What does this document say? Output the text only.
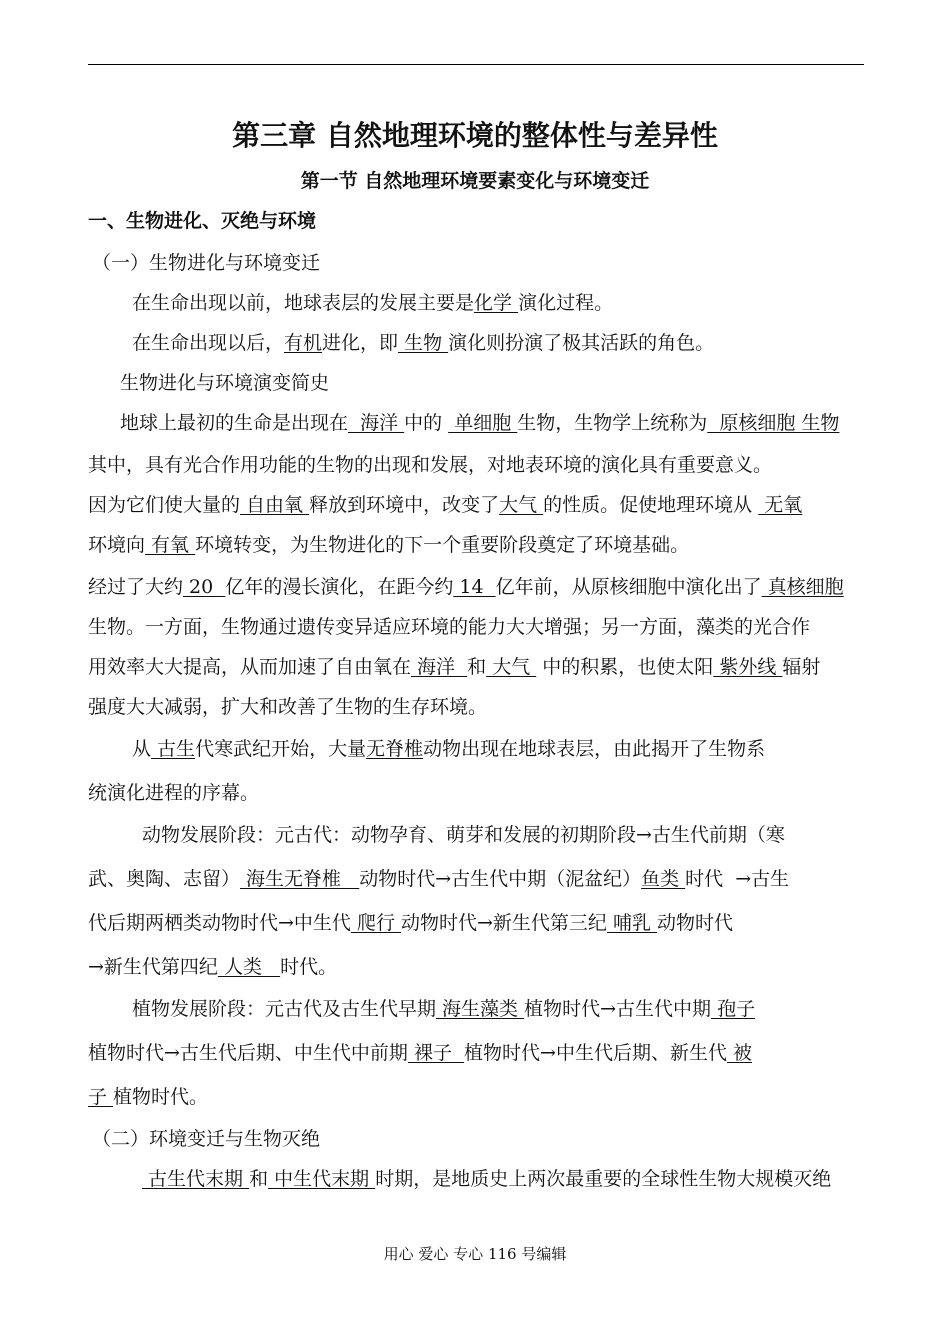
第三章 自然地理环境的整体性与差异性
第一节 自然地理环境要素变化与环境变迁
一、生物进化、灭绝与环境
（一）生物进化与环境变迁
在生命出现以前，地球表层的发展主要是化学 演化过程。
在生命出现以后，有机进化，即 生物 演化则扮演了极其活跃的角色。
生物进化与环境演变简史
地球上最初的生命是出现在  海洋 中的  单细胞 生物，生物学上统称为  原核细胞 生物
其中，具有光合作用功能的生物的出现和发展，对地表环境的演化具有重要意义。
因为它们使大量的 自由氧 释放到环境中，改变了大气 的性质。促使地理环境从  无氧
环境向 有氧 环境转变，为生物进化的下一个重要阶段奠定了环境基础。
经过了大约 20  亿年的漫长演化，在距今约 14  亿年前，从原核细胞中演化出了 真核细胞
生物。一方面，生物通过遗传变异适应环境的能力大大增强；另一方面，藻类的光合作
用效率大大提高，从而加速了自由氧在 海洋  和 大气  中的积累，也使太阳 紫外线 辐射
强度大大减弱，扩大和改善了生物的生存环境。
从 古生代寒武纪开始，大量无脊椎动物出现在地球表层，由此揭开了生物系
统演化进程的序幕。
动物发展阶段：元古代：动物孕育、萌芽和发展的初期阶段→古生代前期（寒
武、奥陶、志留） 海生无脊椎   动物时代→古生代中期（泥盆纪）鱼类 时代  →古生
代后期两栖类动物时代→中生代 爬行 动物时代→新生代第三纪 哺乳 动物时代
→新生代第四纪 人类   时代。
植物发展阶段：元古代及古生代早期 海生藻类 植物时代→古生代中期 孢子
植物时代→古生代后期、中生代中前期 裸子  植物时代→中生代后期、新生代 被
子 植物时代。
古生代末期 和 中生代末期 时期，是地质史上两次最重要的全球性生物大规模灭绝
（二）环境变迁与生物灭绝
用心 爱心 专心 116 号编辑
